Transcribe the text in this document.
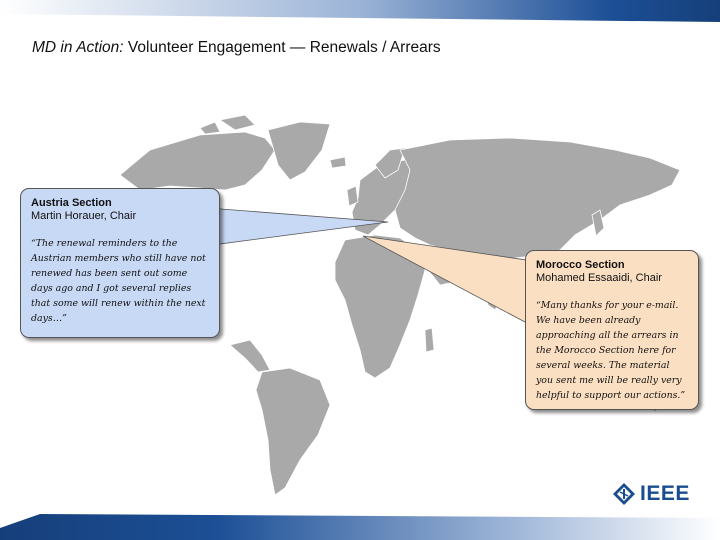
MD in Action: Volunteer Engagement — Renewals / Arrears
Austria Section
Martin Horauer, Chair
“The renewal reminders to the Austrian members who still have not renewed has been sent out some days ago and I got several replies that some will renew within the next days…”
Morocco Section
Mohamed Essaaidi, Chair
“Many thanks for your e-mail. We have been already approaching all the arrears in the Morocco Section here for several weeks. The material you sent me will be really very helpful to support our actions.”
IEEE
